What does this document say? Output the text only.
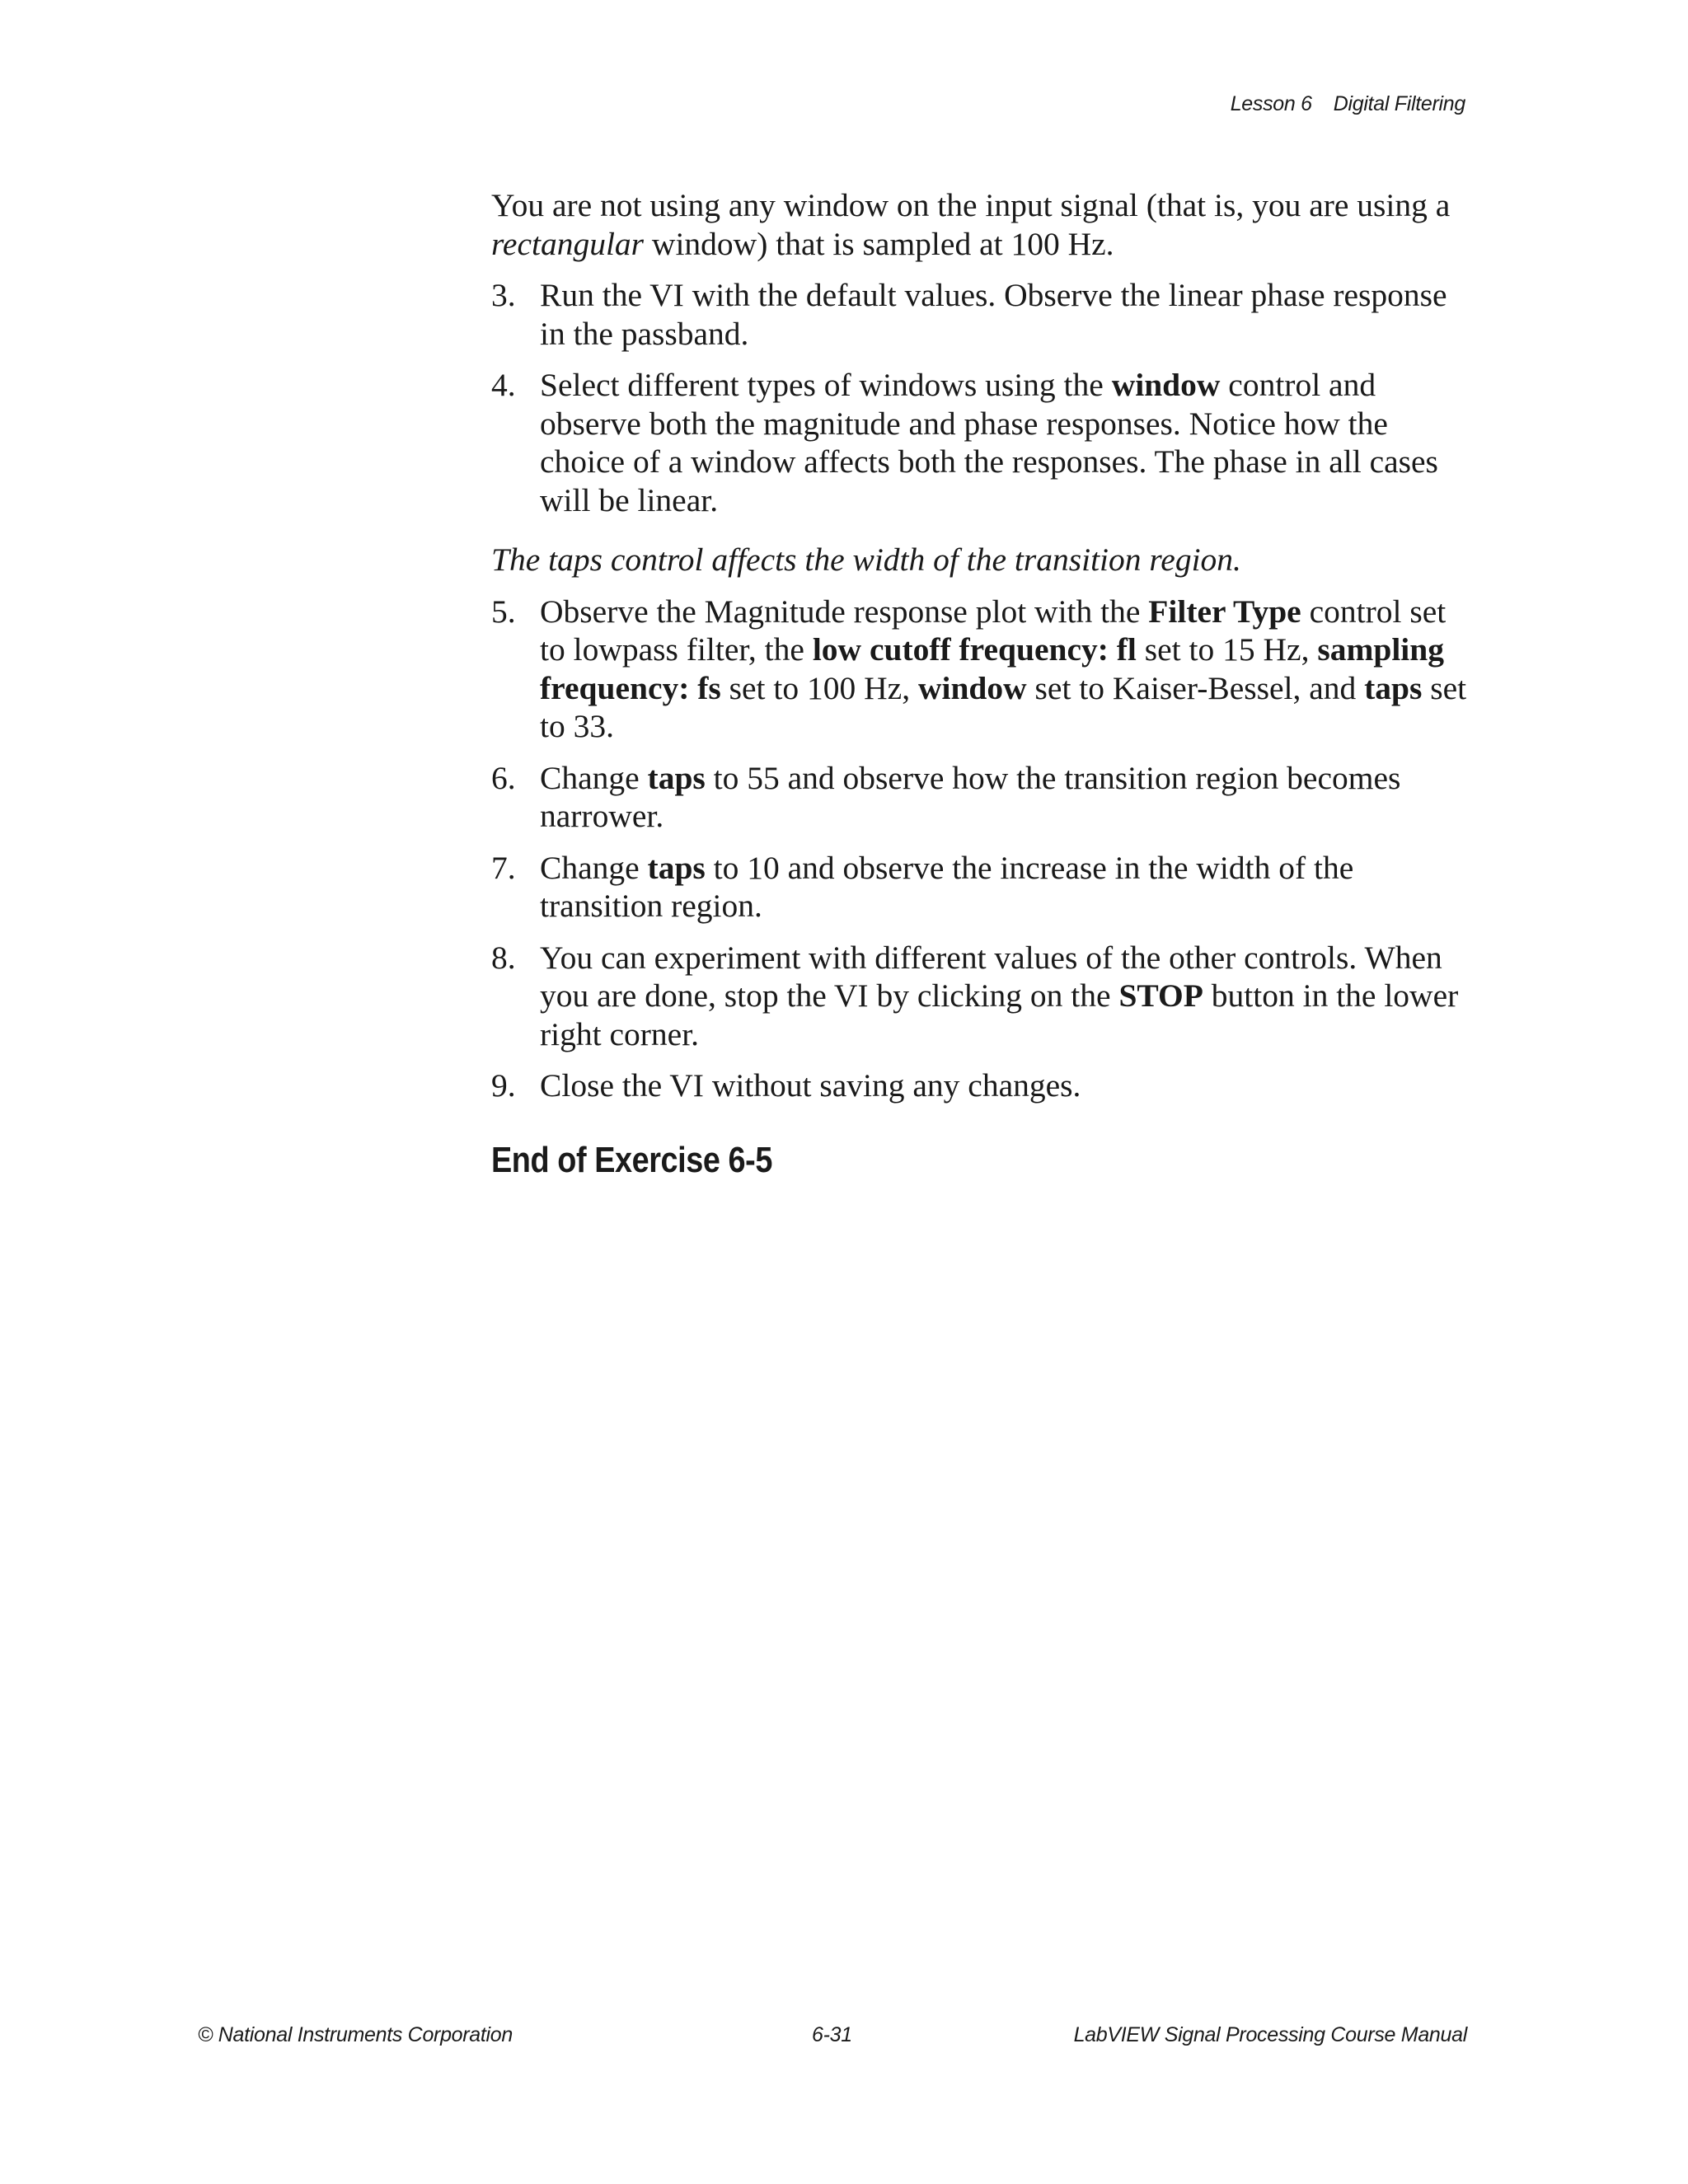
Lesson 6 Digital Filtering

You are not using any window on the input signal (that is, you are using a rectangular window) that is sampled at 100 Hz.

3. Run the VI with the default values. Observe the linear phase response in the passband.
4. Select different types of windows using the window control and observe both the magnitude and phase responses. Notice how the choice of a window affects both the responses. The phase in all cases will be linear.

The taps control affects the width of the transition region.

5. Observe the Magnitude response plot with the Filter Type control set to lowpass filter, the low cutoff frequency: fl set to 15 Hz, sampling frequency: fs set to 100 Hz, window set to Kaiser-Bessel, and taps set to 33.
6. Change taps to 55 and observe how the transition region becomes narrower.
7. Change taps to 10 and observe the increase in the width of the transition region.
8. You can experiment with different values of the other controls. When you are done, stop the VI by clicking on the STOP button in the lower right corner.
9. Close the VI without saving any changes.
End of Exercise 6-5
© National Instruments Corporation	6-31	LabVIEW Signal Processing Course Manual
